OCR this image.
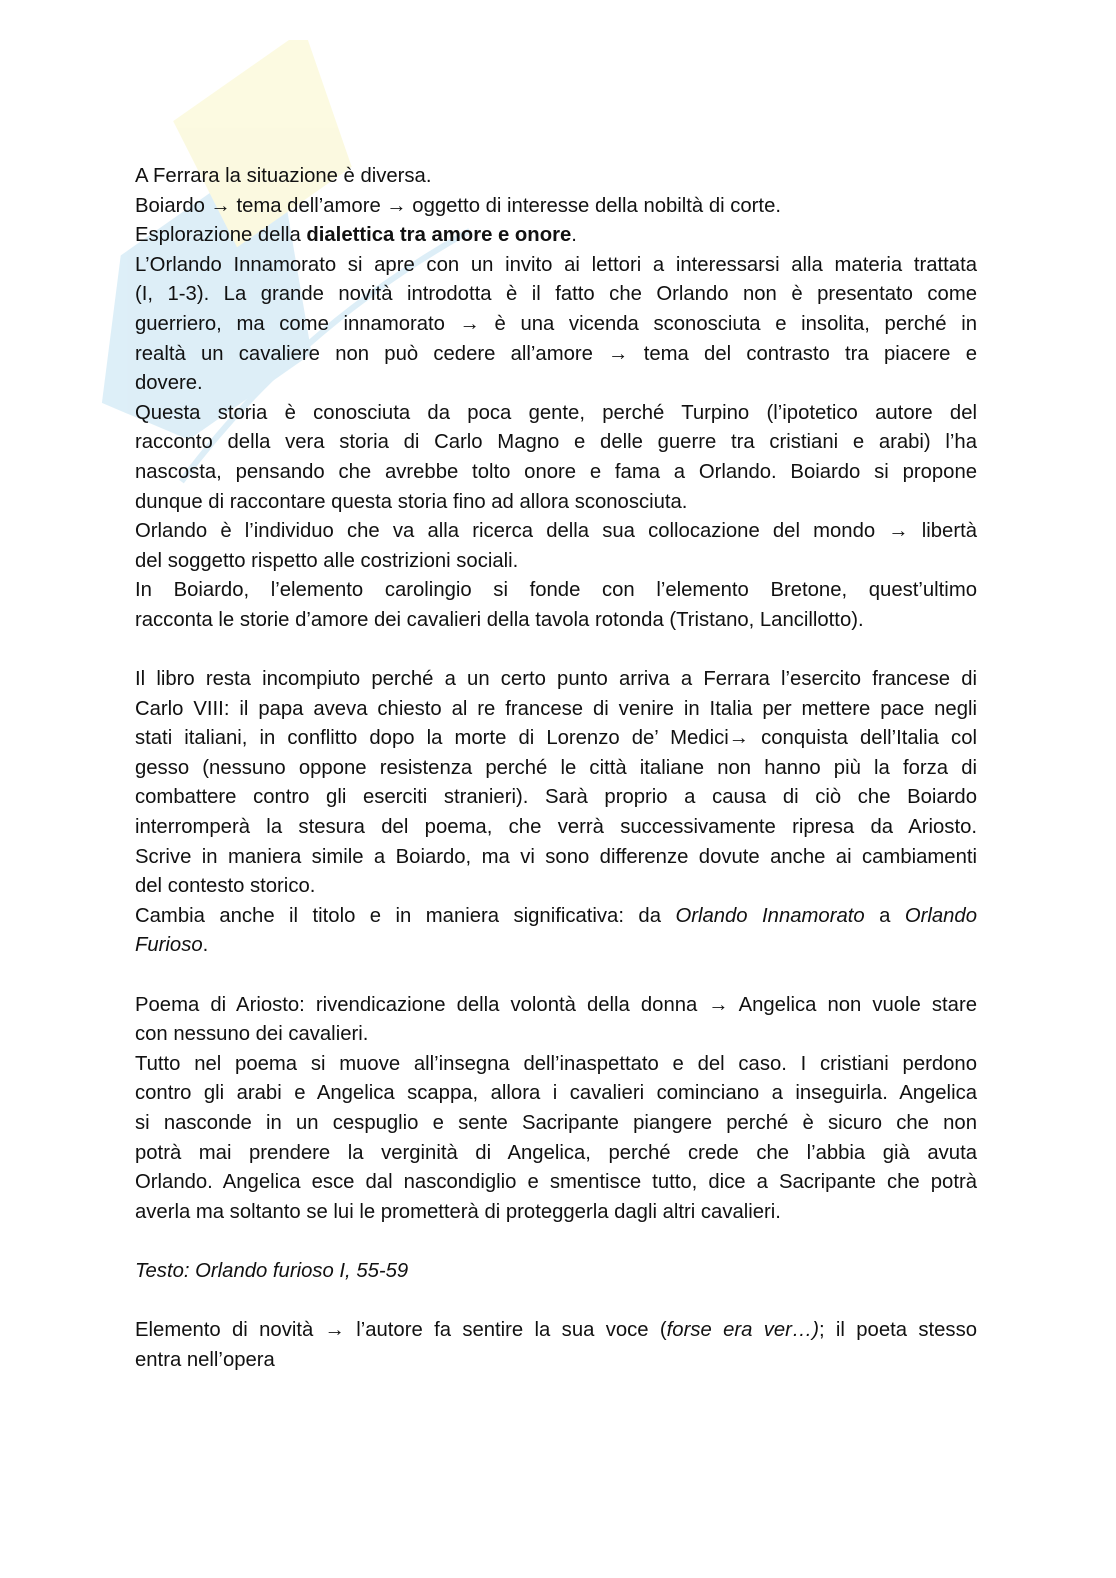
A Ferrara la situazione è diversa.

Boiardo → tema dell’amore → oggetto di interesse della nobiltà di corte.

Esplorazione della dialettica tra amore e onore.

L’Orlando Innamorato si apre con un invito ai lettori a interessarsi alla materia trattata

(I, 1-3). La grande novità introdotta è il fatto che Orlando non è presentato come

guerriero, ma come innamorato → è una vicenda sconosciuta e insolita, perché in

realtà un cavaliere non può cedere all’amore → tema del contrasto tra piacere e

dovere.

Questa storia è conosciuta da poca gente, perché Turpino (l’ipotetico autore del

racconto della vera storia di Carlo Magno e delle guerre tra cristiani e arabi) l’ha

nascosta, pensando che avrebbe tolto onore e fama a Orlando. Boiardo si propone

dunque di raccontare questa storia fino ad allora sconosciuta.

Orlando è l’individuo che va alla ricerca della sua collocazione del mondo → libertà

del soggetto rispetto alle costrizioni sociali.

In Boiardo, l’elemento carolingio si fonde con l’elemento Bretone, quest’ultimo

racconta le storie d’amore dei cavalieri della tavola rotonda (Tristano, Lancillotto).

Il libro resta incompiuto perché a un certo punto arriva a Ferrara l’esercito francese di

Carlo VIII: il papa aveva chiesto al re francese di venire in Italia per mettere pace negli

stati italiani, in conflitto dopo la morte di Lorenzo de’ Medici→ conquista dell’Italia col

gesso (nessuno oppone resistenza perché le città italiane non hanno più la forza di

combattere contro gli eserciti stranieri). Sarà proprio a causa di ciò che Boiardo

interromperà la stesura del poema, che verrà successivamente ripresa da Ariosto.

Scrive in maniera simile a Boiardo, ma vi sono differenze dovute anche ai cambiamenti

del contesto storico.

Cambia anche il titolo e in maniera significativa: da Orlando Innamorato a Orlando

Furioso.

Poema di Ariosto: rivendicazione della volontà della donna → Angelica non vuole stare

con nessuno dei cavalieri.

Tutto nel poema si muove all’insegna dell’inaspettato e del caso. I cristiani perdono

contro gli arabi e Angelica scappa, allora i cavalieri cominciano a inseguirla. Angelica

si nasconde in un cespuglio e sente Sacripante piangere perché è sicuro che non

potrà mai prendere la verginità di Angelica, perché crede che l’abbia già avuta

Orlando. Angelica esce dal nascondiglio e smentisce tutto, dice a Sacripante che potrà

averla ma soltanto se lui le prometterà di proteggerla dagli altri cavalieri.

Testo: Orlando furioso I, 55-59

Elemento di novità → l’autore fa sentire la sua voce (forse era ver…); il poeta stesso

entra nell’opera
